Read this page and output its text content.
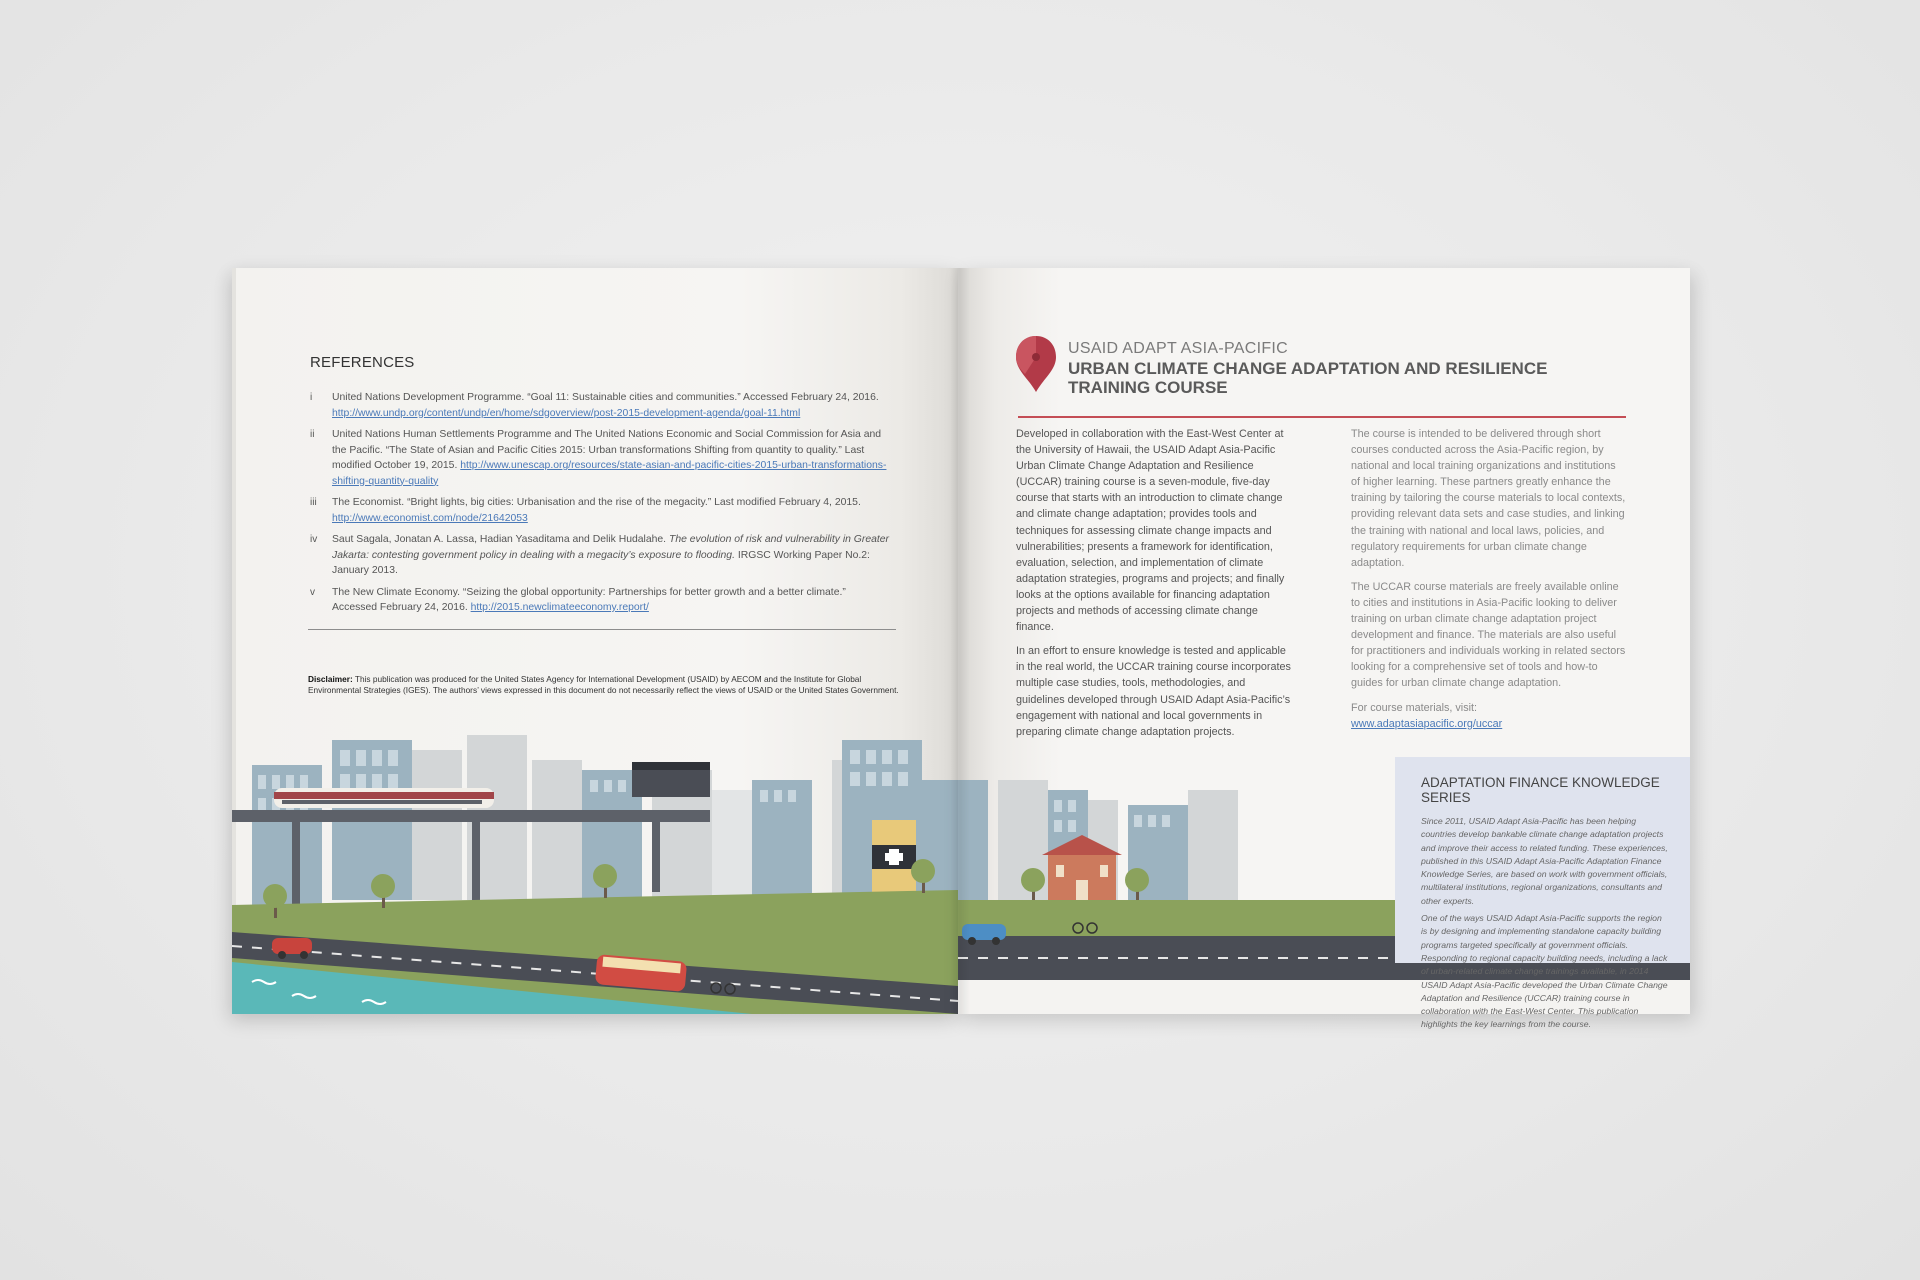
REFERENCES
i United Nations Development Programme. “Goal 11: Sustainable cities and communities.” Accessed February 24, 2016.
http://www.undp.org/content/undp/en/home/sdgoverview/post-2015-development-agenda/goal-11.html
ii United Nations Human Settlements Programme and The United Nations Economic and Social Commission for Asia and the Pacific. “The State of Asian and Pacific Cities 2015: Urban transformations Shifting from quantity to quality.” Last modified October 19, 2015. http://www.unescap.org/resources/state-asian-and-pacific-cities-2015-urban-transformations-shifting-quantity-quality
iii The Economist. “Bright lights, big cities: Urbanisation and the rise of the megacity.” Last modified February 4, 2015.
http://www.economist.com/node/21642053
iv Saut Sagala, Jonatan A. Lassa, Hadian Yasaditama and Delik Hudalahe. The evolution of risk and vulnerability in Greater Jakarta: contesting government policy in dealing with a megacity’s exposure to flooding. IRGSC Working Paper No.2: January 2013.
v The New Climate Economy. “Seizing the global opportunity: Partnerships for better growth and a better climate.” Accessed February 24, 2016. http://2015.newclimateeconomy.report/
Disclaimer: This publication was produced for the United States Agency for International Development (USAID) by AECOM and the Institute for Global Environmental Strategies (IGES). The authors’ views expressed in this document do not necessarily reflect the views of USAID or the United States Government.
USAID ADAPT ASIA-PACIFIC
URBAN CLIMATE CHANGE ADAPTATION AND RESILIENCE TRAINING COURSE

Developed in collaboration with the East-West Center at the University of Hawaii, the USAID Adapt Asia-Pacific Urban Climate Change Adaptation and Resilience (UCCAR) training course is a seven-module, five-day course that starts with an introduction to climate change and climate change adaptation; provides tools and techniques for assessing climate change impacts and vulnerabilities; presents a framework for identification, evaluation, selection, and implementation of climate adaptation strategies, programs and projects; and finally looks at the options available for financing adaptation projects and methods of accessing climate change finance.

In an effort to ensure knowledge is tested and applicable in the real world, the UCCAR training course incorporates multiple case studies, tools, methodologies, and guidelines developed through USAID Adapt Asia-Pacific’s engagement with national and local governments in preparing climate change adaptation projects.

The course is intended to be delivered through short courses conducted across the Asia-Pacific region, by national and local training organizations and institutions of higher learning. These partners greatly enhance the training by tailoring the course materials to local contexts, providing relevant data sets and case studies, and linking the training with national and local laws, policies, and regulatory requirements for urban climate change adaptation.

The UCCAR course materials are freely available online to cities and institutions in Asia-Pacific looking to deliver training on urban climate change adaptation project development and finance. The materials are also useful for practitioners and individuals working in related sectors looking for a comprehensive set of tools and how-to guides for urban climate change adaptation.

For course materials, visit: www.adaptasiapacific.org/uccar

ADAPTATION FINANCE KNOWLEDGE SERIES

Since 2011, USAID Adapt Asia-Pacific has been helping countries develop bankable climate change adaptation projects and improve their access to related funding. These experiences, published in this USAID Adapt Asia-Pacific Adaptation Finance Knowledge Series, are based on work with government officials, multilateral institutions, regional organizations, consultants and other experts.

One of the ways USAID Adapt Asia-Pacific supports the region is by designing and implementing standalone capacity building programs targeted specifically at government officials. Responding to regional capacity building needs, including a lack of urban-related climate change trainings available, in 2014 USAID Adapt Asia-Pacific developed the Urban Climate Change Adaptation and Resilience (UCCAR) training course in collaboration with the East-West Center. This publication highlights the key learnings from the course.
